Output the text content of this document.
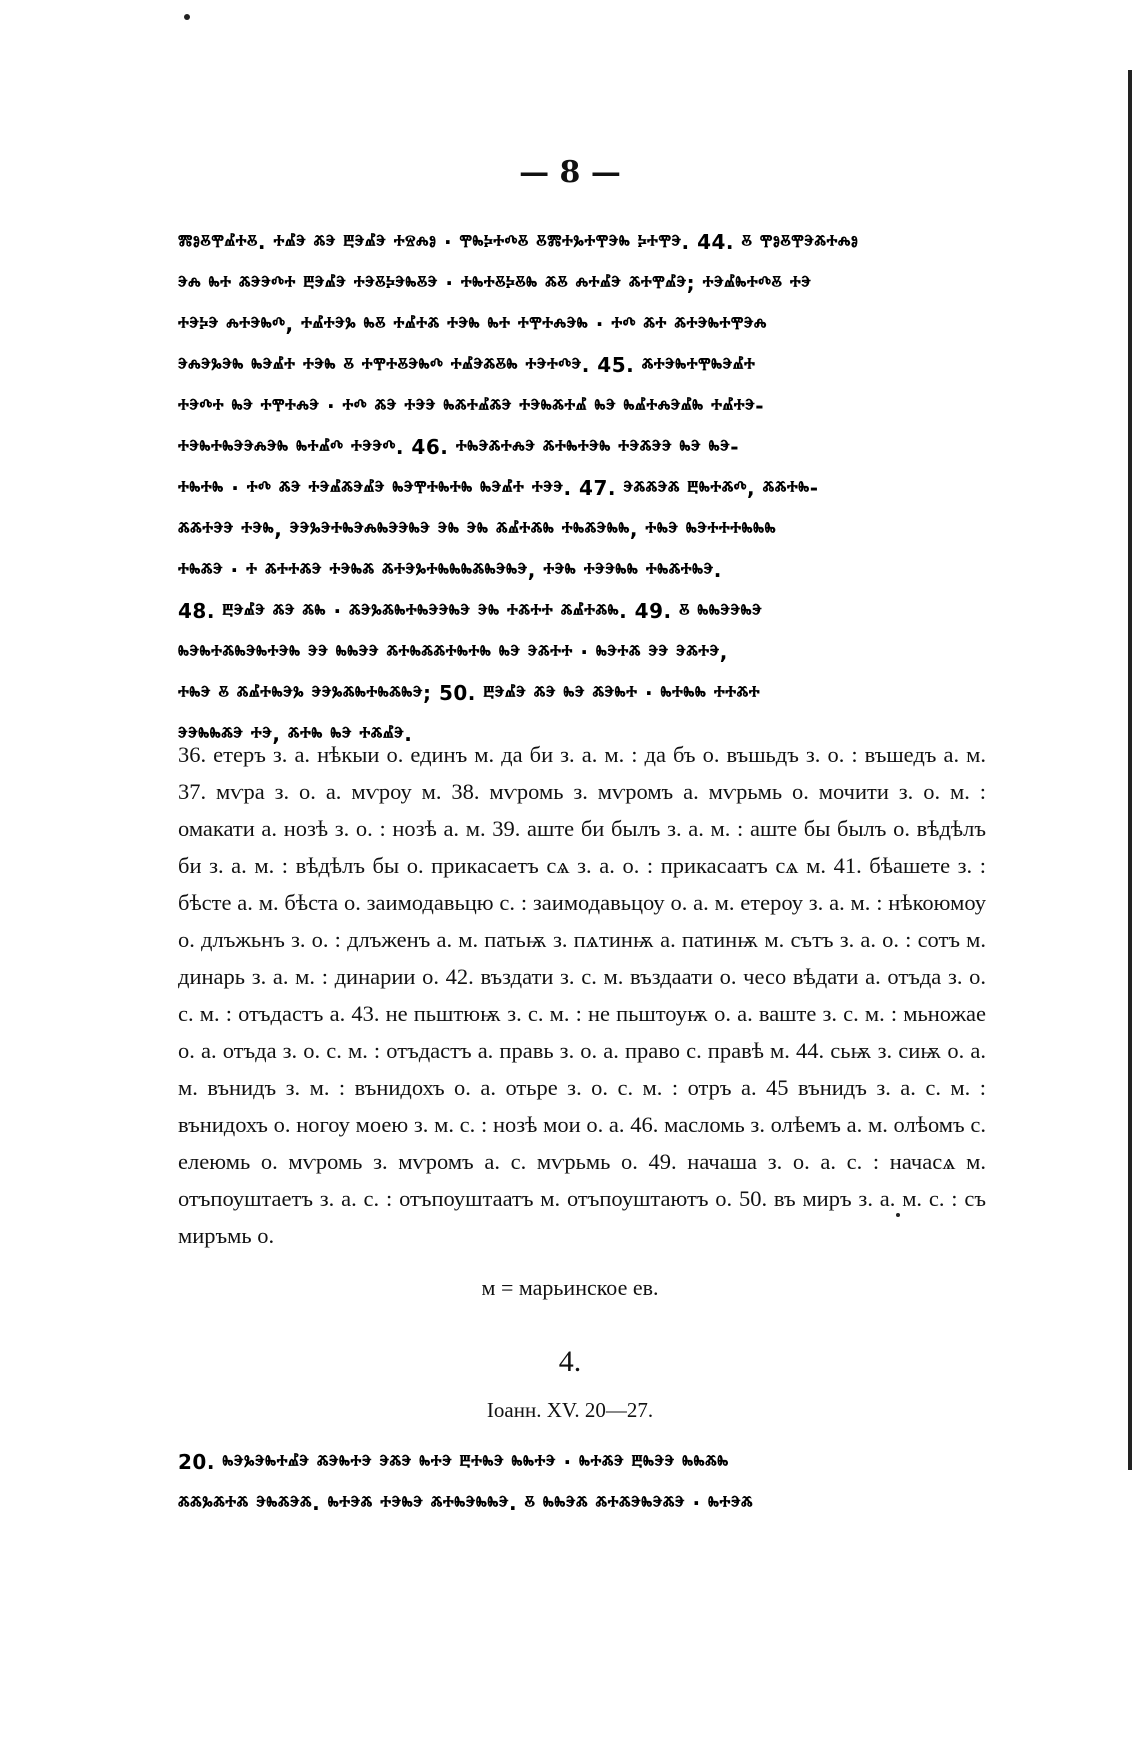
— 8 —
ⰿⱁⰻⰹⰼⰰⰻ. ⰰⰼⰵ ⰶⰵ ⰱⰵⰼⰵ ⰰⱄⰾⱁ · ⰹⰸⰽⰰⰴⰻ ⰻⰿⰰⰳⰰⰹⰵⰸ ⰽⰰⰹⰵ. 44. ⰻ ⰹⱁⰻⰹⰵⰶⰰⰾⱁ
ⰵⰾ ⰸⰰ ⰶⰵⰵⰴⰰ ⰱⰵⰼⰵ ⰰⰵⰻⰽⰵⰸⰻⰵ · ⰰⰸⰰⰻⰽⰻⰸ ⰶⰻ ⰾⰰⰼⰵ ⰶⰰⰹⰼⰵ; ⰰⰵⰼⰸⰰⰴⰻ ⰰⰵ
ⰰⰵⰽⰵ ⰾⰰⰵⰸⰴ, ⰰⰼⰰⰵⰳ ⰸⰻ ⰰⰼⰰⰶ ⰰⰵⰸ ⰸⰰ ⰰⰹⰰⰾⰵⰸ · ⰰⰴ ⰶⰰ ⰶⰰⰵⰸⰰⰹⰵⰾ
ⰵⰾⰵⰳⰵⰸ ⰸⰵⰼⰰ ⰰⰵⰸ ⰻ ⰰⰹⰰⰻⰵⰸⰴ ⰰⰼⰵⰶⰻⰸ ⰰⰵⰰⰴⰵ. 45. ⰶⰰⰵⰸⰰⰹⰸⰵⰼⰰ
ⰰⰵⰴⰰ ⰸⰵ ⰰⰹⰰⰾⰵ · ⰰⰴ ⰶⰵ ⰰⰵⰵ ⰸⰶⰰⰼⰶⰵ ⰰⰵⰸⰶⰰⰼ ⰸⰵ ⰸⰼⰰⰾⰵⰼⰸ ⰰⰼⰰⰵ-
ⰰⰵⰸⰰⰸⰵⰵⰾⰵⰸ ⰸⰰⰼⰴ ⰰⰵⰵⰴ. 46. ⰰⰸⰵⰶⰰⰾⰵ ⰶⰰⰸⰰⰵⰸ ⰰⰵⰶⰵⰵ ⰸⰵ ⰸⰵ-
ⰰⰸⰰⰸ · ⰰⰴ ⰶⰵ ⰰⰵⰼⰶⰵⰼⰵ ⰸⰵⰹⰰⰸⰰⰸ ⰸⰵⰼⰰ ⰰⰵⰵ. 47. ⰵⰶⰶⰵⰶ ⰱⰸⰰⰶⰴ, ⰶⰶⰰⰸ-
ⰶⰶⰰⰵⰵ ⰰⰵⰸ, ⰵⰵⰳⰵⰰⰸⰵⰾⰸⰵⰵⰸⰵ ⰵⰸ ⰵⰸ ⰶⰼⰰⰶⰸ ⰰⰸⰶⰵⰸⰸ, ⰰⰸⰵ ⰸⰵⰰⰰⰰⰸⰸⰸ
ⰰⰸⰶⰵ · ⰰ ⰶⰰⰰⰶⰵ ⰰⰵⰸⰶ ⰶⰰⰵⰳⰰⰸⰸⰸⰶⰸⰵⰸⰵ, ⰰⰵⰸ ⰰⰵⰵⰸⰸ ⰰⰸⰶⰰⰸⰵ.
48. ⰱⰵⰼⰵ ⰶⰵ ⰶⰸ · ⰶⰵⰳⰶⰸⰰⰸⰵⰵⰸⰵ ⰵⰸ ⰰⰶⰰⰰ ⰶⰼⰰⰶⰸ. 49. ⰻ ⰸⰸⰵⰵⰸⰵ
ⰸⰵⰸⰰⰶⰸⰵⰸⰰⰵⰸ ⰵⰵ ⰸⰸⰵⰵ ⰶⰰⰸⰶⰶⰰⰸⰰⰸ ⰸⰵ ⰵⰶⰰⰰ · ⰸⰵⰰⰶ ⰵⰵ ⰵⰶⰰⰵ,
ⰰⰸⰵ ⰻ ⰶⰼⰰⰸⰵⰳ ⰵⰵⰳⰶⰸⰰⰸⰶⰸⰵ; 50. ⰱⰵⰼⰵ ⰶⰵ ⰸⰵ ⰶⰵⰸⰰ · ⰸⰰⰸⰸ ⰰⰰⰶⰰ
ⰵⰵⰸⰸⰶⰵ ⰰⰵ, ⰶⰰⰸ ⰸⰵ ⰰⰶⰼⰵ.
36. етеръ з. а. нѣкыи о. единъ м. да би з. а. м. : да бъ о. въшьдъ з. о. : въшедъ а. м. 37. мѵра з. о. а. мѵроу м. 38. мѵромь з. мѵромъ а. мѵрьмь о. мочити з. о. м. : омакати а. нозѣ з. о. : нозѣ а. м. 39. аште би былъ з. а. м. : аште бы былъ о. вѣдѣлъ би з. а. м. : вѣдѣлъ бы о. прикасаетъ сѧ з. а. о. : прикасаатъ сѧ м. 41. бѣашете з. : бѣсте а. м. бѣста о. заимодавьцю с. : заимодавьцоу о. а. м. етероу з. а. м. : нѣкоюмоу о. длъжьнъ з. о. : длъженъ а. м. патьѭ з. пѧтинѭ а. патинѭ м. сътъ з. а. о. : сотъ м. динарь з. а. м. : динарии о. 42. въздати з. с. м. въздаати о. чесо вѣдати а. отъда з. о. с. м. : отъдастъ а. 43. не пьштюѭ з. с. м. : не пьштоуѭ о. а. ваште з. с. м. : мьножае о. а. отъда з. о. с. м. : отъдастъ а. правь з. о. а. право с. правѣ м. 44. сьѭ з. сиѭ о. а. м. вънидъ з. м. : вънидохъ о. а. отьре з. о. с. м. : отръ а. 45 вънидъ з. а. с. м. : вънидохъ о. ногоу моею з. м. с. : нозѣ мои о. а. 46. масломь з. олѣемъ а. м. олѣомъ с. елеюмь о. мѵромь з. мѵромъ а. с. мѵрьмь о. 49. начаша з. о. а. с. : начасѧ м. отъпоуштаетъ з. а. с. : отъпоуштаатъ м. отъпоуштаютъ о. 50. въ миръ з. а. м. с. : съ миръмь о.
м = марьинское ев.
4.
Іоанн. XV. 20—27.
20. ⰸⰵⰳⰵⰸⰰⰼⰵ ⰶⰵⰸⰰⰵ ⰵⰶⰵ ⰸⰰⰵ ⰱⰰⰸⰵ ⰸⰸⰰⰵ · ⰸⰰⰶⰵ ⰱⰸⰵⰵ ⰸⰸⰶⰸ
ⰶⰶⰳⰶⰰⰶ ⰵⰸⰶⰵⰶ. ⰸⰰⰵⰶ ⰰⰵⰸⰵ ⰶⰰⰸⰵⰸⰸⰵ. ⰻ ⰸⰸⰵⰶ ⰶⰰⰶⰵⰸⰵⰶⰵ · ⰸⰰⰵⰶ
